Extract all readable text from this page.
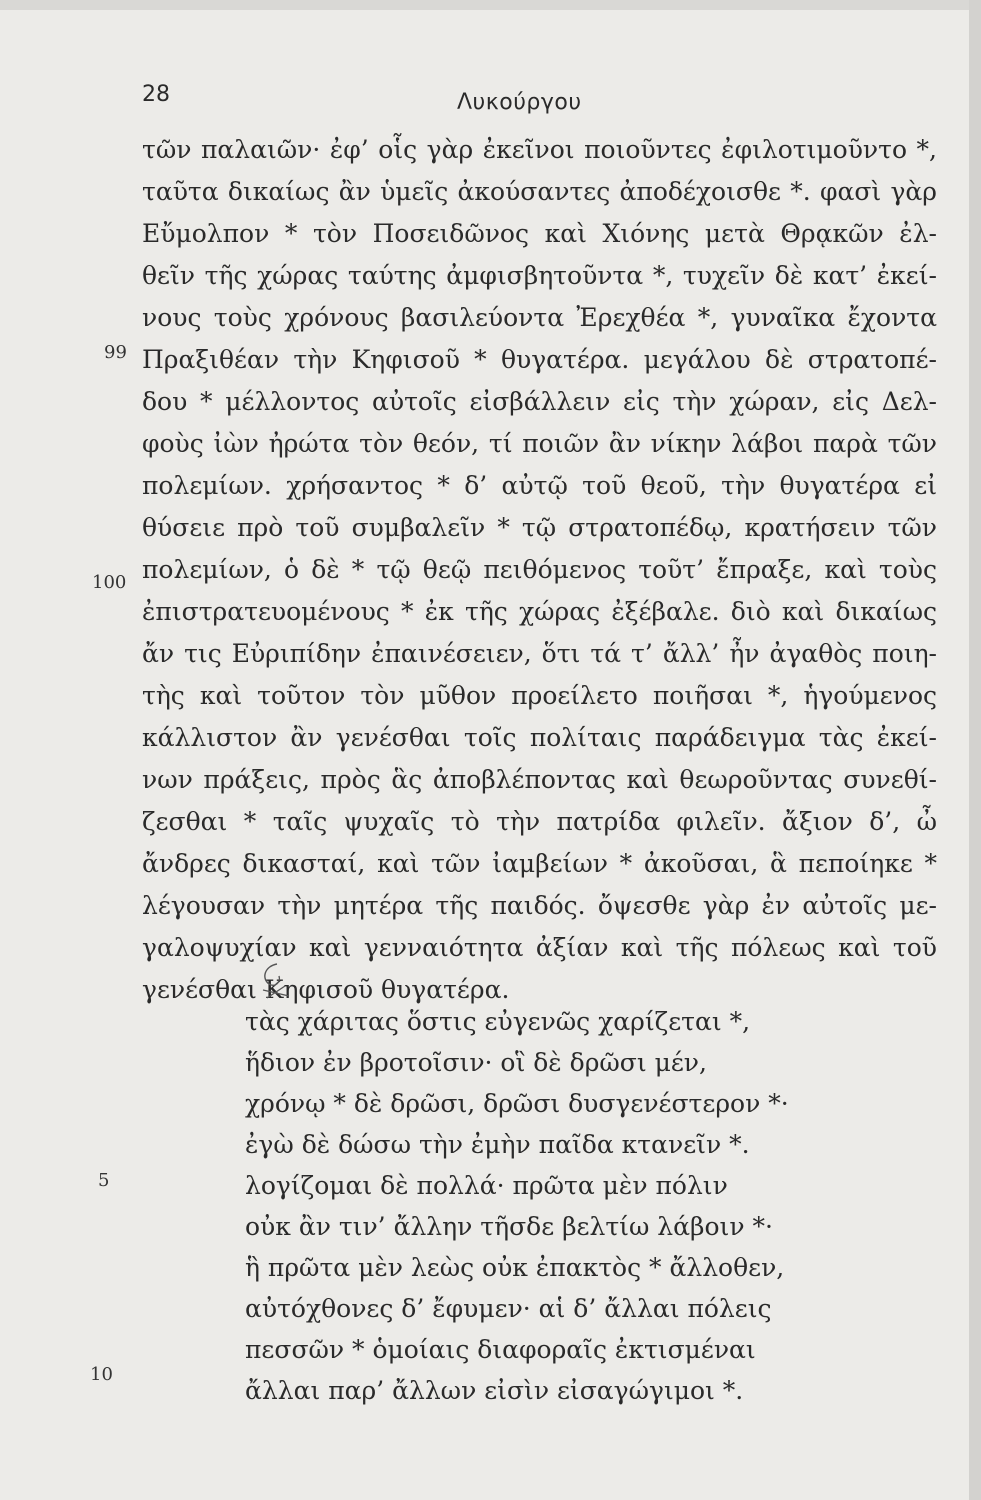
28	Λυκούργου
τῶν παλαιῶν· ἐφ’ οἷς γὰρ ἐκεῖνοι ποιοῦντες ἐφιλοτιμοῦντο *,
ταῦτα δικαίως ἂν ὑμεῖς ἀκούσαντες ἀποδέχοισθε *. φασὶ γὰρ
Εὔμολπον * τὸν Ποσειδῶνος καὶ Χιόνης μετὰ Θρᾳκῶν ἐλ-
θεῖν τῆς χώρας ταύτης ἀμφισβητοῦντα *, τυχεῖν δὲ κατ’ ἐκεί-
νους τοὺς χρόνους βασιλεύοντα Ἐρεχθέα *, γυναῖκα ἔχοντα
Πραξιθέαν τὴν Κηφισοῦ * θυγατέρα. μεγάλου δὲ στρατοπέ-
δου * μέλλοντος αὐτοῖς εἰσβάλλειν εἰς τὴν χώραν, εἰς Δελ-
φοὺς ἰὼν ἠρώτα τὸν θεόν, τί ποιῶν ἂν νίκην λάβοι παρὰ τῶν
πολεμίων. χρήσαντος * δ’ αὐτῷ τοῦ θεοῦ, τὴν θυγατέρα εἰ
θύσειε πρὸ τοῦ συμβαλεῖν * τῷ στρατοπέδῳ, κρατήσειν τῶν
πολεμίων, ὁ δὲ * τῷ θεῷ πειθόμενος τοῦτ’ ἔπραξε, καὶ τοὺς
ἐπιστρατευομένους * ἐκ τῆς χώρας ἐξέβαλε. διὸ καὶ δικαίως
ἄν τις Εὐριπίδην ἐπαινέσειεν, ὅτι τά τ’ ἄλλ’ ἦν ἀγαθὸς ποιη-
τὴς καὶ τοῦτον τὸν μῦθον προείλετο ποιῆσαι *, ἡγούμενος
κάλλιστον ἂν γενέσθαι τοῖς πολίταις παράδειγμα τὰς ἐκεί-
νων πράξεις, πρὸς ἃς ἀποβλέποντας καὶ θεωροῦντας συνεθί-
ζεσθαι * ταῖς ψυχαῖς τὸ τὴν πατρίδα φιλεῖν. ἄξιον δ’, ὦ
ἄνδρες δικασταί, καὶ τῶν ἰαμβείων * ἀκοῦσαι, ἃ πεποίηκε *
λέγουσαν τὴν μητέρα τῆς παιδός. ὄψεσθε γὰρ ἐν αὐτοῖς με-
γαλοψυχίαν καὶ γενναιότητα ἀξίαν καὶ τῆς πόλεως καὶ τοῦ
γενέσθαι Κηφισοῦ θυγατέρα.
99
100
τὰς χάριτας ὅστις εὐγενῶς χαρίζεται *,
ἥδιον ἐν βροτοῖσιν· οἳ δὲ δρῶσι μέν,
χρόνῳ * δὲ δρῶσι, δρῶσι δυσγενέστερον *·
ἐγὼ δὲ δώσω τὴν ἐμὴν παῖδα κτανεῖν *.
λογίζομαι δὲ πολλά· πρῶτα μὲν πόλιν
οὐκ ἂν τιν’ ἄλλην τῆσδε βελτίω λάβοιν *·
ἣ πρῶτα μὲν λεὼς οὐκ ἐπακτὸς * ἄλλοθεν,
αὐτόχθονες δ’ ἔφυμεν· αἱ δ’ ἄλλαι πόλεις
πεσσῶν * ὁμοίαις διαφοραῖς ἐκτισμέναι
ἄλλαι παρ’ ἄλλων εἰσὶν εἰσαγώγιμοι *.
5
10
